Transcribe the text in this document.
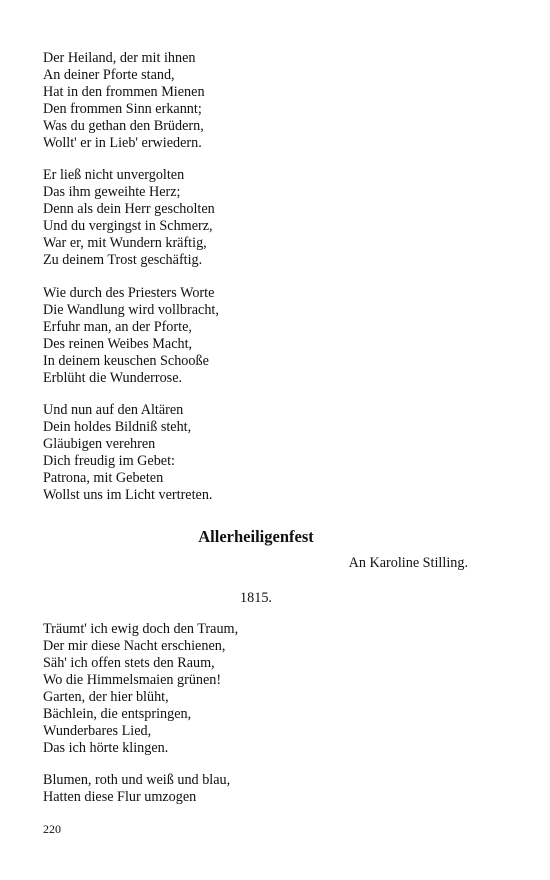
Der Heiland, der mit ihnen
An deiner Pforte stand,
Hat in den frommen Mienen
Den frommen Sinn erkannt;
Was du gethan den Brüdern,
Wollt' er in Lieb' erwiedern.
Er ließ nicht unvergolten
Das ihm geweihte Herz;
Denn als dein Herr gescholten
Und du vergingst in Schmerz,
War er, mit Wundern kräftig,
Zu deinem Trost geschäftig.
Wie durch des Priesters Worte
Die Wandlung wird vollbracht,
Erfuhr man, an der Pforte,
Des reinen Weibes Macht,
In deinem keuschen Schooße
Erblüht die Wunderrose.
Und nun auf den Altären
Dein holdes Bildniß steht,
Gläubigen verehren
Dich freudig im Gebet:
Patrona, mit Gebeten
Wollst uns im Licht vertreten.
Allerheiligenfest
An Karoline Stilling.
1815.
Träumt' ich ewig doch den Traum,
Der mir diese Nacht erschienen,
Säh' ich offen stets den Raum,
Wo die Himmelsmaien grünen!
Garten, der hier blüht,
Bächlein, die entspringen,
Wunderbares Lied,
Das ich hörte klingen.
Blumen, roth und weiß und blau,
Hatten diese Flur umzogen
220
